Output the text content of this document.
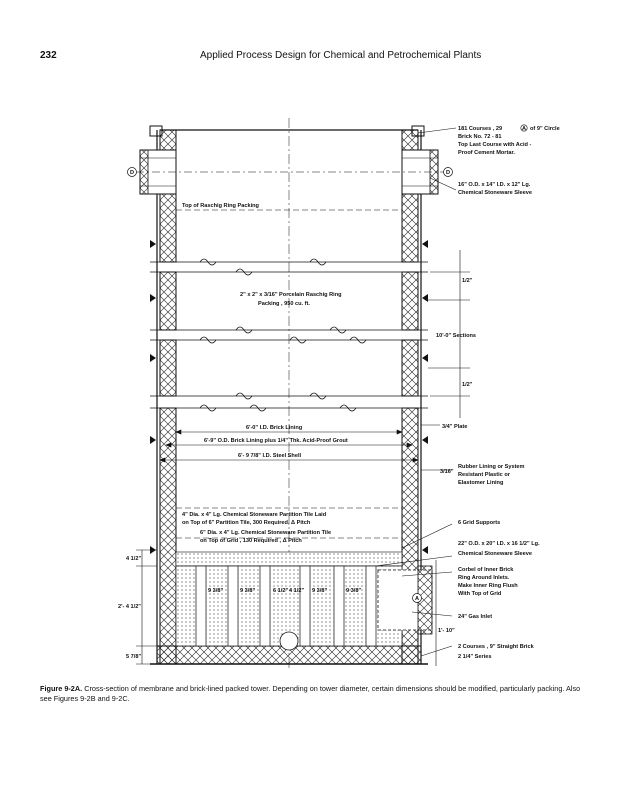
232	Applied Process Design for Chemical and Petrochemical Plants
181 Courses , 29	A of 9" Circle
Brick No. 72 - 81
Top Last Course with Acid -
Proof Cement Mortar.
16" O.D. x 14" I.D. x 12" Lg.
Chemical Stoneware Sleeve
D	D
Top of Raschig Ring Packing
2" x 2" x 3/16" Porcelain Raschig Ring
Packing , 950 cu. ft.
1/2"
10'-0" Sections
1/2"
3/4" Plate
6'-0" I.D. Brick Lining
6'-9" O.D. Brick Lining plus 1/4" Thk. Acid-Proof Grout
6'- 9 7/8" I.D. Steel Shell
3/16"
Rubber Lining or System
Resistant Plastic or
Elastomer Lining
4" Dia. x 4" Lg. Chemical Stoneware Partition Tile Laid
on Top of 6" Partition Tile, 300 Required, Δ Pitch
6" Dia. x 4" Lg. Chemical Stoneware Partition Tile
on Top of Grid , 130 Required , Δ Pitch
6 Grid Supports
22" O.D. x 20" I.D. x 16 1/2" Lg.
Chemical Stoneware Sleeve
Corbel of Inner Brick
Ring Around Inlets.
Make Inner Ring Flush
With Top of Grid
A
24" Gas Inlet
1'- 10"
2 Courses , 9" Straight Brick
2 1/4" Series
4 1/2"
2'- 4 1/2"
5 7/8"
9 3/8"	9 3/8"	6 1/2" 4 1/2" 9 3/8"	9 3/8"
Figure 9-2A. Cross-section of membrane and brick-lined packed tower. Depending on tower diameter, certain dimensions should be modified, particularly packing. Also see Figures 9-2B and 9-2C.
